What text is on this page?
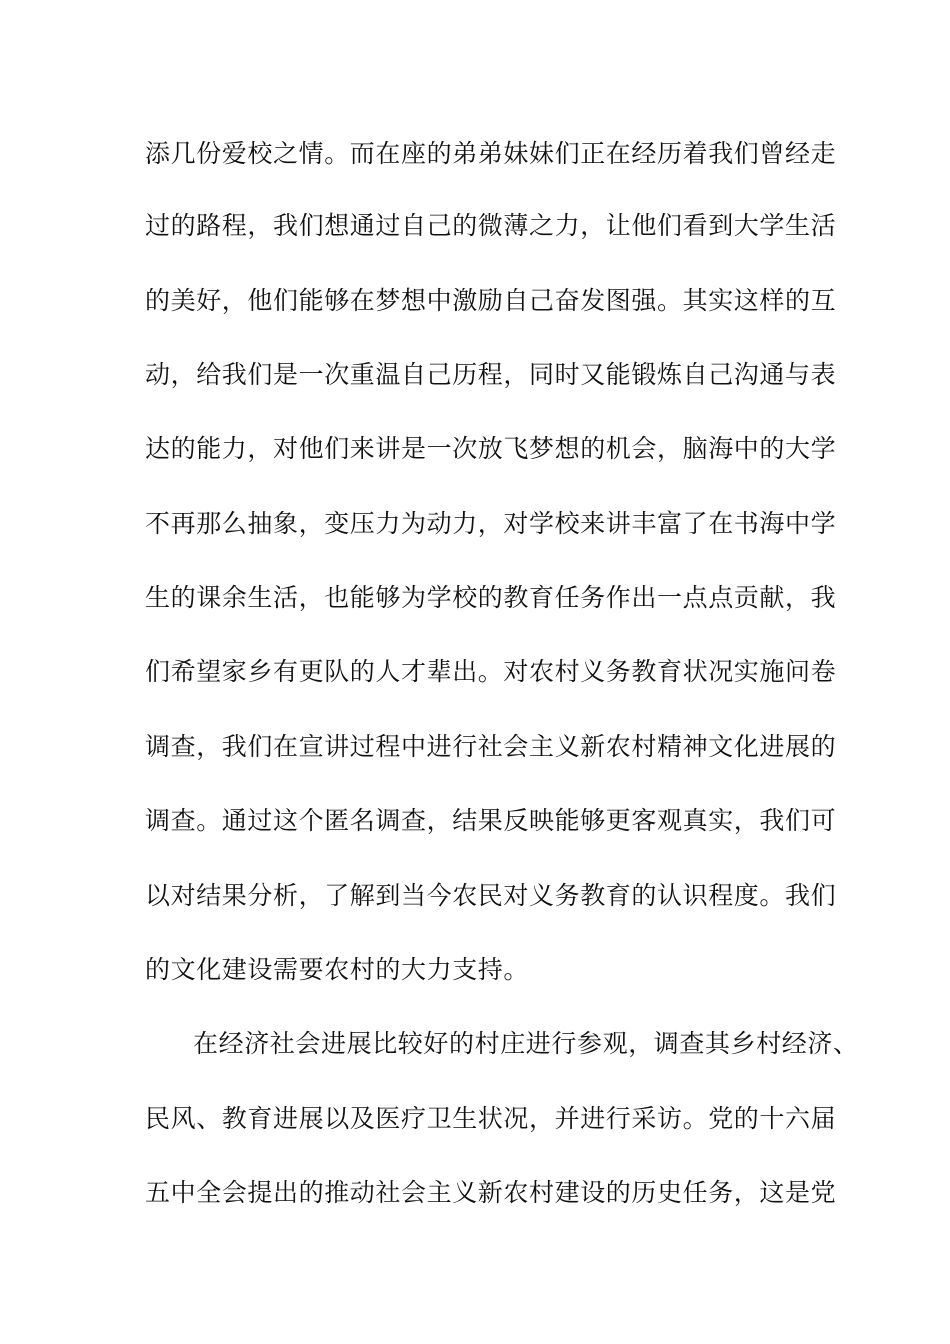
添几份爱校之情。而在座的弟弟妹妹们正在经历着我们曾经走
过的路程，我们想通过自己的微薄之力，让他们看到大学生活
的美好，他们能够在梦想中激励自己奋发图强。其实这样的互
动，给我们是一次重温自己历程，同时又能锻炼自己沟通与表
达的能力，对他们来讲是一次放飞梦想的机会，脑海中的大学
不再那么抽象，变压力为动力，对学校来讲丰富了在书海中学
生的课余生活，也能够为学校的教育任务作出一点点贡献，我
们希望家乡有更队的人才辈出。对农村义务教育状况实施问卷
调查，我们在宣讲过程中进行社会主义新农村精神文化进展的
调查。通过这个匿名调查，结果反映能够更客观真实，我们可
以对结果分析，了解到当今农民对义务教育的认识程度。我们
的文化建设需要农村的大力支持。
在经济社会进展比较好的村庄进行参观，调查其乡村经济、
民风、教育进展以及医疗卫生状况，并进行采访。党的十六届
五中全会提出的推动社会主义新农村建设的历史任务，这是党
